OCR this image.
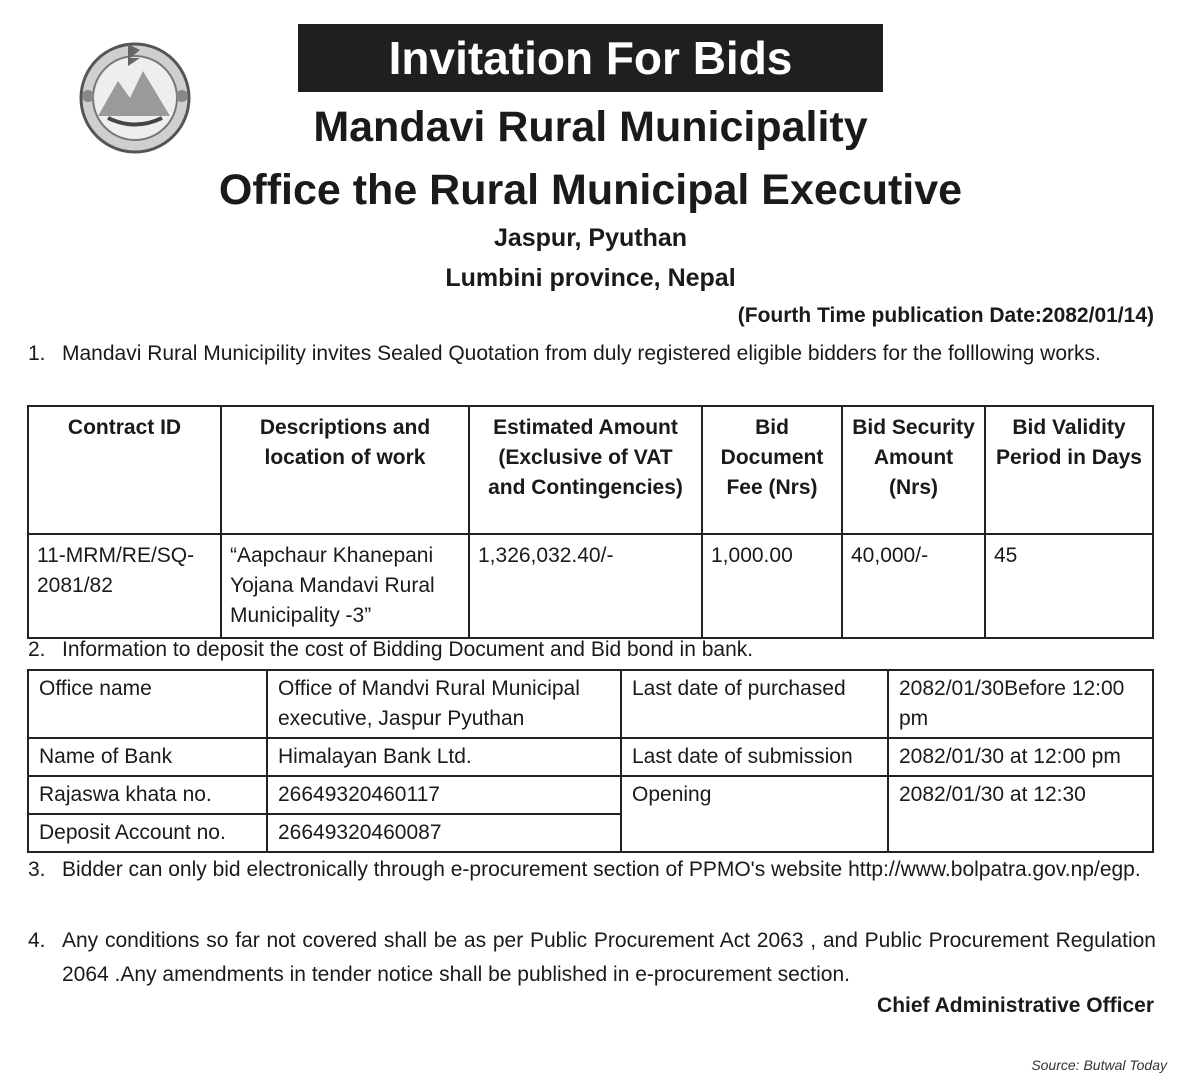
Invitation For Bids
Mandavi Rural Municipality
Office the Rural Municipal Executive
Jaspur, Pyuthan
Lumbini province, Nepal
(Fourth Time publication Date:2082/01/14)
1. Mandavi Rural Municipility invites Sealed Quotation from duly registered eligible bidders for the folllowing works.
Contract ID	Descriptions and location of work	Estimated Amount (Exclusive of VAT and Contingencies)	Bid Document Fee (Nrs)	Bid Security Amount (Nrs)	Bid Validity Period in Days
11-MRM/RE/SQ-2081/82	“Aapchaur Khanepani Yojana Mandavi Rural Municipality -3”	1,326,032.40/-	1,000.00	40,000/-	45
2. Information to deposit the cost of Bidding Document and Bid bond in bank.
Office name	Office of Mandvi Rural Municipal executive, Jaspur Pyuthan	Last date of purchased	2082/01/30Before 12:00 pm
Name of Bank	Himalayan Bank Ltd.	Last date of submission	2082/01/30 at 12:00 pm
Rajaswa khata no.	26649320460117	Opening	2082/01/30 at 12:30
Deposit Account no.	26649320460087		
3. Bidder can only bid electronically through e-procurement section of PPMO's website http://www.bolpatra.gov.np/egp.
4. Any conditions so far not covered shall be as per Public Procurement Act 2063 , and Public Procurement Regulation 2064 .Any amendments in tender notice shall be published in e-procurement section.
Chief Administrative Officer
Source: Butwal Today
